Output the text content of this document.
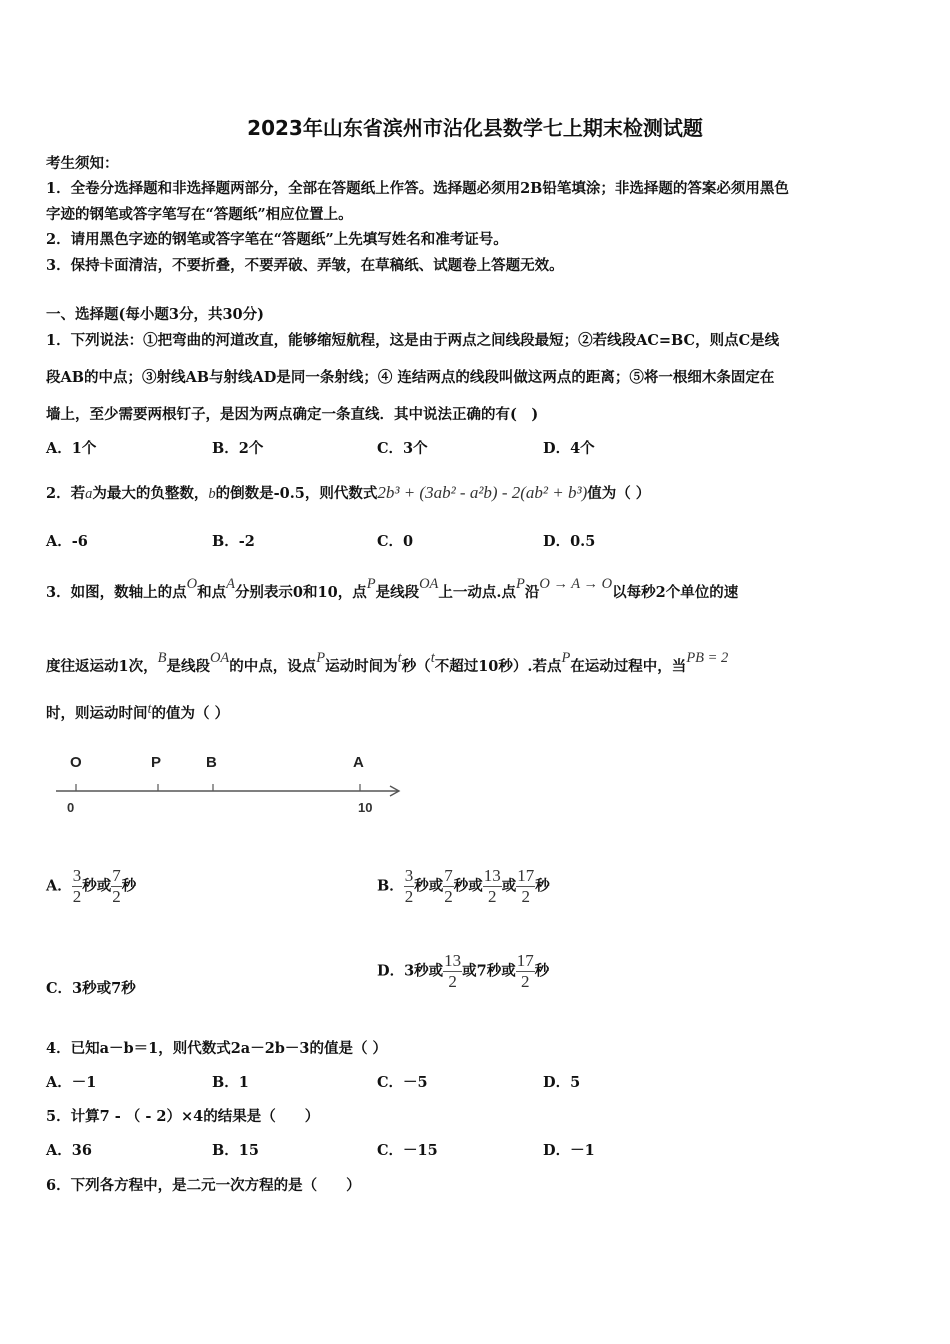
2023年山东省滨州市沾化县数学七上期末检测试题
考生须知：
1．全卷分选择题和非选择题两部分，全部在答题纸上作答。选择题必须用2B铅笔填涂；非选择题的答案必须用黑色
字迹的钢笔或答字笔写在“答题纸”相应位置上。
2．请用黑色字迹的钢笔或答字笔在“答题纸”上先填写姓名和准考证号。
3．保持卡面清洁，不要折叠，不要弄破、弄皱，在草稿纸、试题卷上答题无效。
一、选择题(每小题3分，共30分)
1．下列说法：①把弯曲的河道改直，能够缩短航程，这是由于两点之间线段最短；②若线段AC=BC，则点C是线
段AB的中点；③射线AB与射线AD是同一条射线；④ 连结两点的线段叫做这两点的距离；⑤将一根细木条固定在
墙上，至少需要两根钉子，是因为两点确定一条直线．其中说法正确的有(　)
A．1个	B．2个	C．3个	D．4个
2．若a为最大的负整数，b的倒数是-0.5，则代数式2b³ + (3ab² - a²b) - 2(ab² + b³)值为（ ）
A．-6	B．-2	C．0	D．0.5
3．如图，数轴上的点O和点A分别表示0和10，点P是线段OA上一动点.点P沿O → A → O以每秒2个单位的速
度往返运动1次，B是线段OA的中点，设点P运动时间为t秒（t不超过10秒）.若点P在运动过程中，当PB = 2
时，则运动时间t的值为（ ）
O	P	B	A
0	10
A． $\frac{3}{2}$ 秒或 $\frac{7}{2}$ 秒	B． $\frac{3}{2}$ 秒或 $\frac{7}{2}$ 秒或 $\frac{13}{2}$ 或 $\frac{17}{2}$ 秒
C．3秒或7秒
D．3秒或 $\frac{13}{2}$ 或7秒或 $\frac{17}{2}$ 秒
4．已知a－b＝1，则代数式2a－2b－3的值是（ ）
A．－1	B．1	C．－5	D．5
5．计算7 - （ - 2）×4的结果是（　　）
A．36	B．15	C．－15	D．－1
6．下列各方程中，是二元一次方程的是（　　）
